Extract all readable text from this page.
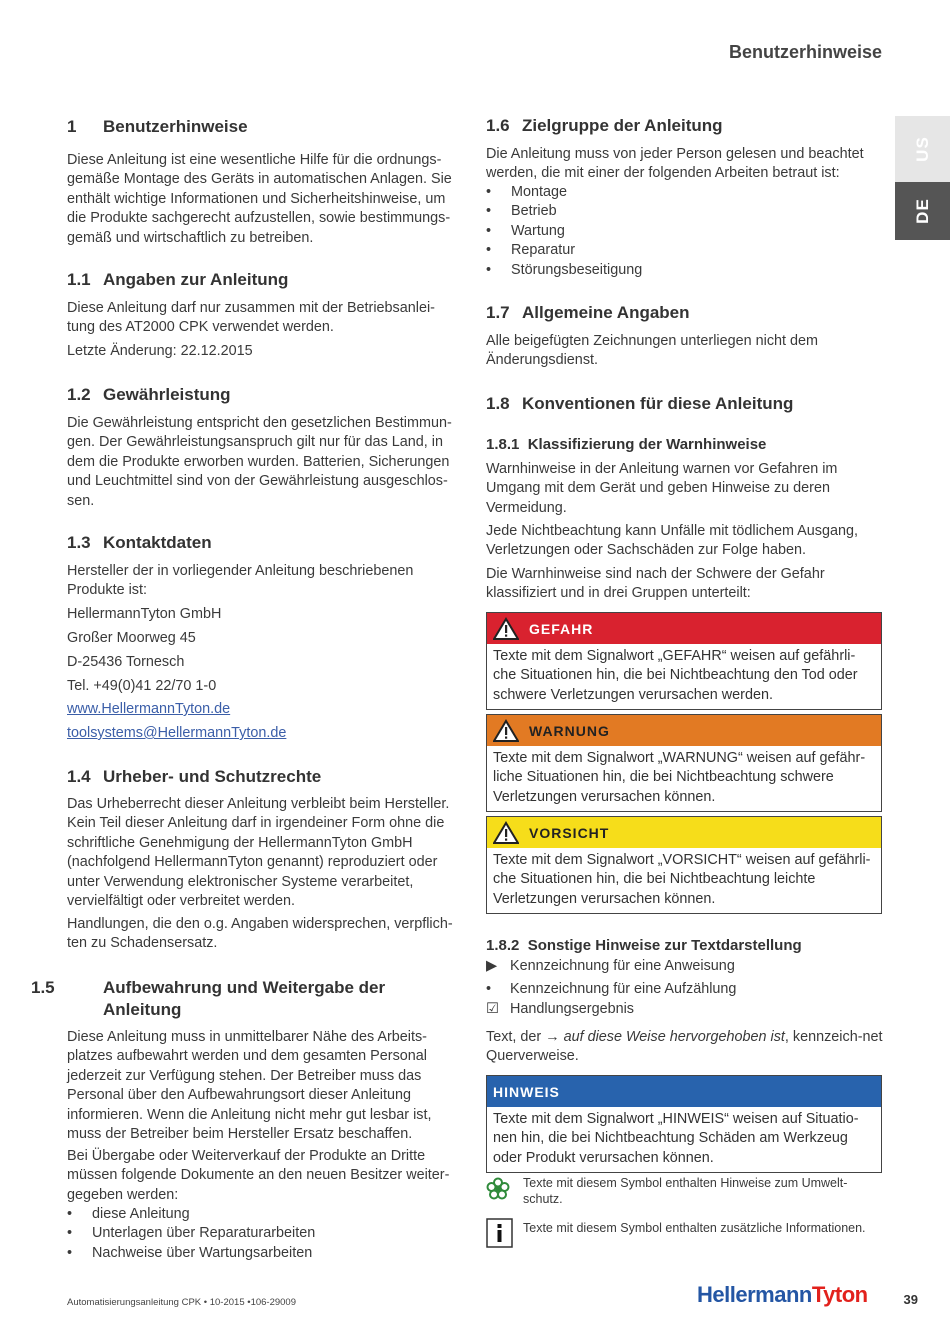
Benutzerhinweise
US
DE
1 Benutzerhinweise

Diese Anleitung ist eine wesentliche Hilfe für die ordnungs-gemäße Montage des Geräts in automatischen Anlagen. Sie enthält wichtige Informationen und Sicherheitshinweise, um die Produkte sachgerecht aufzustellen, sowie bestimmungs-gemäß und wirtschaftlich zu betreiben.

1.1 Angaben zur Anleitung

Diese Anleitung darf nur zusammen mit der Betriebsanlei-tung des AT2000 CPK verwendet werden.

Letzte Änderung: 22.12.2015

1.2 Gewährleistung

Die Gewährleistung entspricht den gesetzlichen Bestimmun-gen. Der Gewährleistungsanspruch gilt nur für das Land, in dem die Produkte erworben wurden. Batterien, Sicherungen und Leuchtmittel sind von der Gewährleistung ausgeschlos-sen.

1.3 Kontaktdaten

Hersteller der in vorliegender Anleitung beschriebenen Produkte ist:

HellermannTyton GmbH

Großer Moorweg 45

D-25436 Tornesch

Tel. +49(0)41 22/70 1-0

www.HellermannTyton.de

toolsystems@HellermannTyton.de

1.4 Urheber- und Schutzrechte

Das Urheberrecht dieser Anleitung verbleibt beim Hersteller. Kein Teil dieser Anleitung darf in irgendeiner Form ohne die schriftliche Genehmigung der HellermannTyton GmbH (nachfolgend HellermannTyton genannt) reproduziert oder unter Verwendung elektronischer Systeme verarbeitet, vervielfältigt oder verbreitet werden.

Handlungen, die den o.g. Angaben widersprechen, verpflich-ten zu Schadensersatz.

1.5	Aufbewahrung und Weitergabe der Anleitung

Diese Anleitung muss in unmittelbarer Nähe des Arbeits-platzes aufbewahrt werden und dem gesamten Personal jederzeit zur Verfügung stehen. Der Betreiber muss das Personal über den Aufbewahrungsort dieser Anleitung informieren. Wenn die Anleitung nicht mehr gut lesbar ist, muss der Betreiber beim Hersteller Ersatz beschaffen.

Bei Übergabe oder Weiterverkauf der Produkte an Dritte müssen folgende Dokumente an den neuen Besitzer weiter-gegeben werden:

• diese Anleitung
• Unterlagen über Reparaturarbeiten
• Nachweise über Wartungsarbeiten
1.6 Zielgruppe der Anleitung

Die Anleitung muss von jeder Person gelesen und beachtet werden, die mit einer der folgenden Arbeiten betraut ist:

• Montage
• Betrieb
• Wartung
• Reparatur
• Störungsbeseitigung
1.7 Allgemeine Angaben

Alle beigefügten Zeichnungen unterliegen nicht dem Änderungsdienst.

1.8 Konventionen für diese Anleitung
1.8.1 Klassifizierung der Warnhinweise

Warnhinweise in der Anleitung warnen vor Gefahren im Umgang mit dem Gerät und geben Hinweise zu deren Vermeidung.

Jede Nichtbeachtung kann Unfälle mit tödlichem Ausgang, Verletzungen oder Sachschäden zur Folge haben.

Die Warnhinweise sind nach der Schwere der Gefahr klassifiziert und in drei Gruppen unterteilt:

GEFAHR
Texte mit dem Signalwort „GEFAHR“ weisen auf gefährli-che Situationen hin, die bei Nichtbeachtung den Tod oder schwere Verletzungen verursachen werden.
WARNUNG
Texte mit dem Signalwort „WARNUNG“ weisen auf gefähr-liche Situationen hin, die bei Nichtbeachtung schwere Verletzungen verursachen können.
VORSICHT
Texte mit dem Signalwort „VORSICHT“ weisen auf gefährli-che Situationen hin, die bei Nichtbeachtung leichte Verletzungen verursachen können.
1.8.2 Sonstige Hinweise zur Textdarstellung
▶ Kennzeichnung für eine Anweisung
• Kennzeichnung für eine Aufzählung
☑ Handlungsergebnis

Text, der → auf diese Weise hervorgehoben ist, kennzeich-net Querverweise.

HINWEIS
Texte mit dem Signalwort „HINWEIS“ weisen auf Situatio-nen hin, die bei Nichtbeachtung Schäden am Werkzeug oder Produkt verursachen können.
Texte mit diesem Symbol enthalten Hinweise zum Umwelt-schutz.
Texte mit diesem Symbol enthalten zusätzliche Informationen.
Automatisierungsanleitung CPK • 10-2015 •106-29009	HellermannTyton	39
